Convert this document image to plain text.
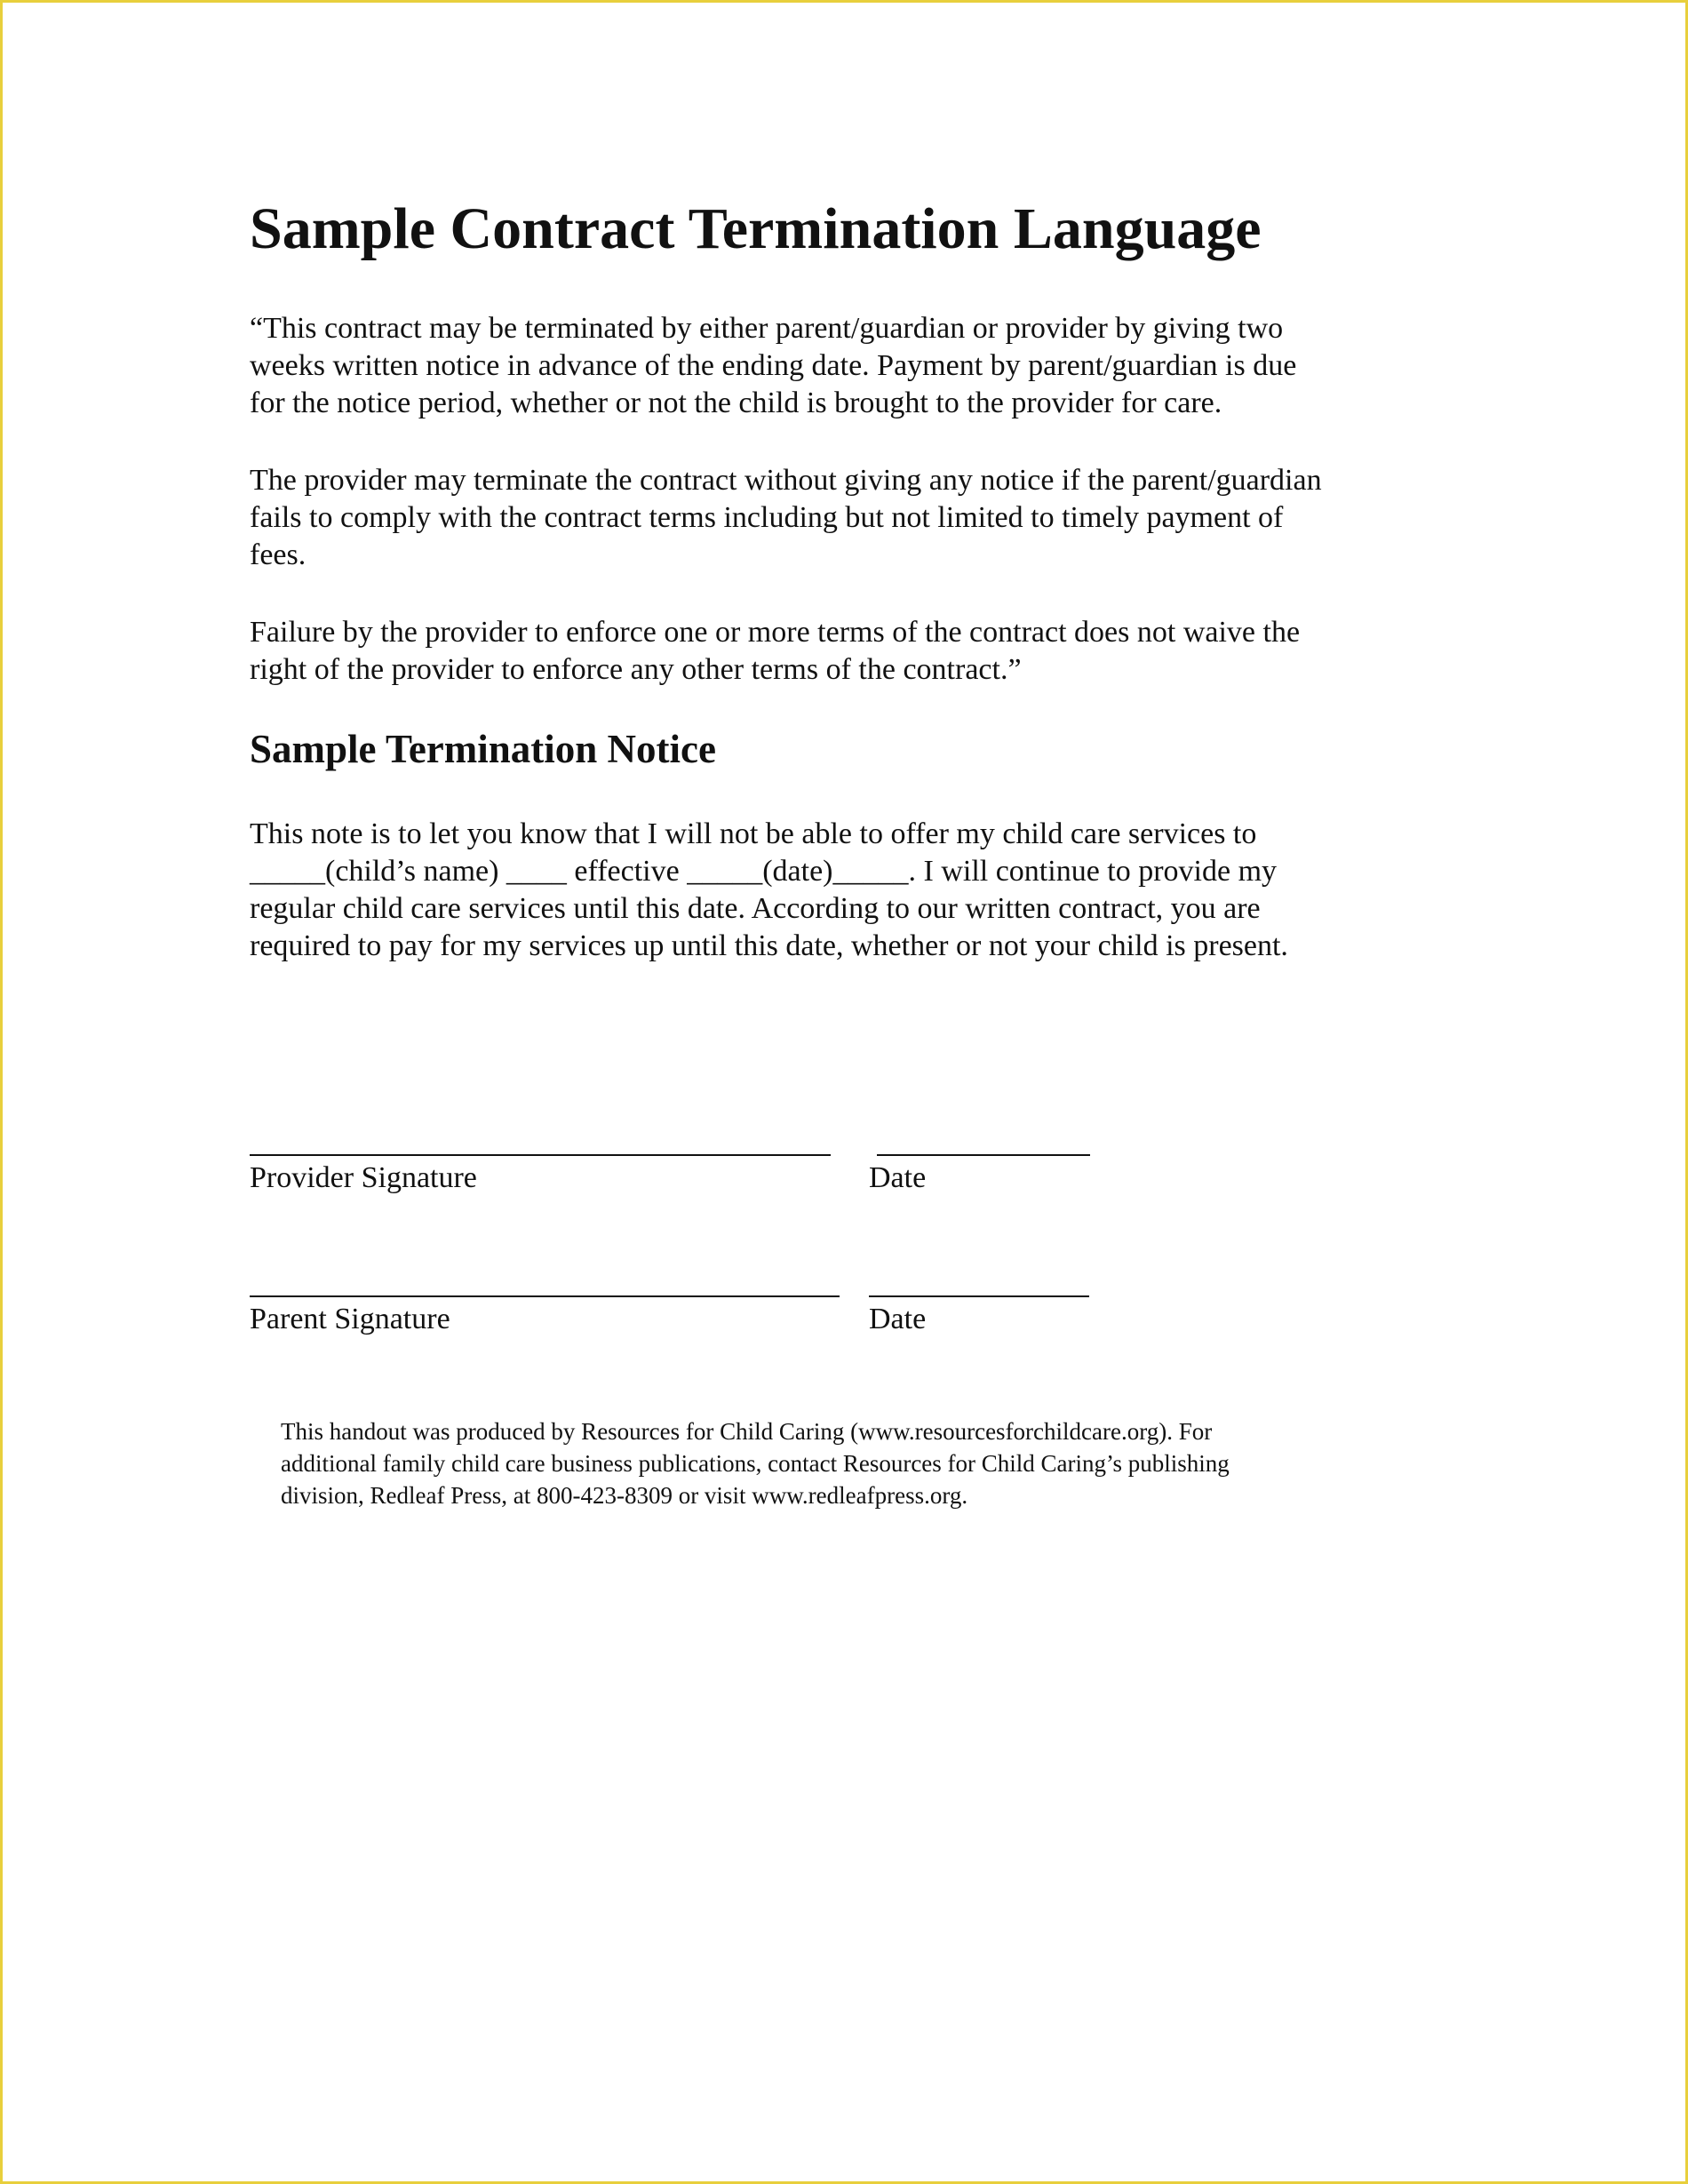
Sample Contract Termination Language

“This contract may be terminated by either parent/guardian or provider by giving two
weeks written notice in advance of the ending date. Payment by parent/guardian is due
for the notice period, whether or not the child is brought to the provider for care.

The provider may terminate the contract without giving any notice if the parent/guardian
fails to comply with the contract terms including but not limited to timely payment of
fees.

Failure by the provider to enforce one or more terms of the contract does not waive the
right of the provider to enforce any other terms of the contract.”

Sample Termination Notice

This note is to let you know that I will not be able to offer my child care services to
_____(child’s name) ____ effective _____(date)_____. I will continue to provide my
regular child care services until this date. According to our written contract, you are
required to pay for my services up until this date, whether or not your child is present.

Provider Signature	Date
Parent Signature	Date

This handout was produced by Resources for Child Caring (www.resourcesforchildcare.org). For
additional family child care business publications, contact Resources for Child Caring’s publishing
division, Redleaf Press, at 800-423-8309 or visit www.redleafpress.org.
